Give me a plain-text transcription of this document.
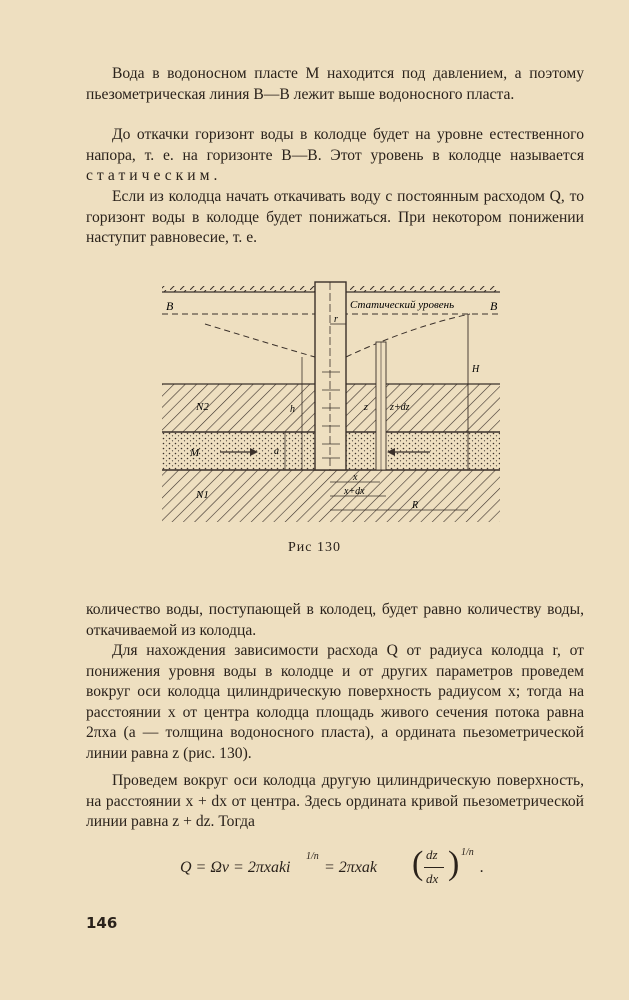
Вода в водоносном пласте M находится под давлением, а поэтому пьезометрическая линия B—B лежит выше водоносного пласта.

До откачки горизонт воды в колодце будет на уровне естественного напора, т. е. на горизонте B—B. Этот уровень в колодце называется статическим.

Если из колодца начать откачивать воду с постоянным расходом Q, то горизонт воды в колодце будет понижаться. При некотором понижении наступит равновесие, т. е.

B	B
Статический уровень
r
H
h
a
z z+dz
N2
N1
M
x
x+dx
R
Рис 130

количество воды, поступающей в колодец, будет равно количеству воды, откачиваемой из колодца.

Для нахождения зависимости расхода Q от радиуса колодца r, от понижения уровня воды в колодце и от других параметров проведем вокруг оси колодца цилиндрическую поверхность радиусом x; тогда на расстоянии x от центра колодца площадь живого сечения потока равна 2πxa (a — толщина водоносного пласта), а ордината пьезометрической линии равна z (рис. 130).

Проведем вокруг оси колодца другую цилиндрическую поверхность, на расстоянии x + dx от центра. Здесь ордината кривой пьезометрической линии равна z + dz. Тогда

Q = Ωv = 2πxaki
1/n
= 2πxak ( dz
dx ) 1/n
.
146
